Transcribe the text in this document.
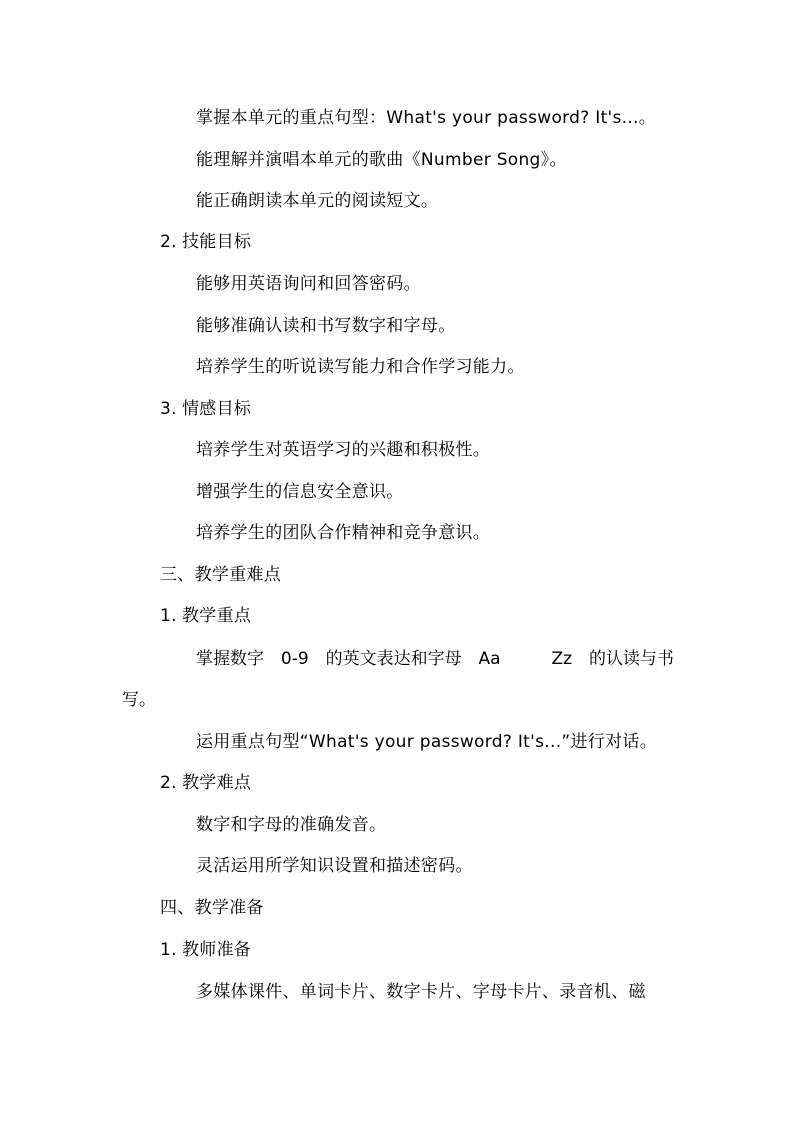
掌握本单元的重点句型：What's your password? It's...。
能理解并演唱本单元的歌曲《Number Song》。
能正确朗读本单元的阅读短文。
2. 技能目标
能够用英语询问和回答密码。
能够准确认读和书写数字和字母。
培养学生的听说读写能力和合作学习能力。
3. 情感目标
培养学生对英语学习的兴趣和积极性。
增强学生的信息安全意识。
培养学生的团队合作精神和竞争意识。
三、教学重难点
1. 教学重点
掌握数字 0-9 的英文表达和字母 Aa	Zz 的认读与书
写。
运用重点句型“What's your password? It's...”进行对话。
2. 教学难点
数字和字母的准确发音。
灵活运用所学知识设置和描述密码。
四、教学准备
1. 教师准备
多媒体课件、单词卡片、数字卡片、字母卡片、录音机、磁
